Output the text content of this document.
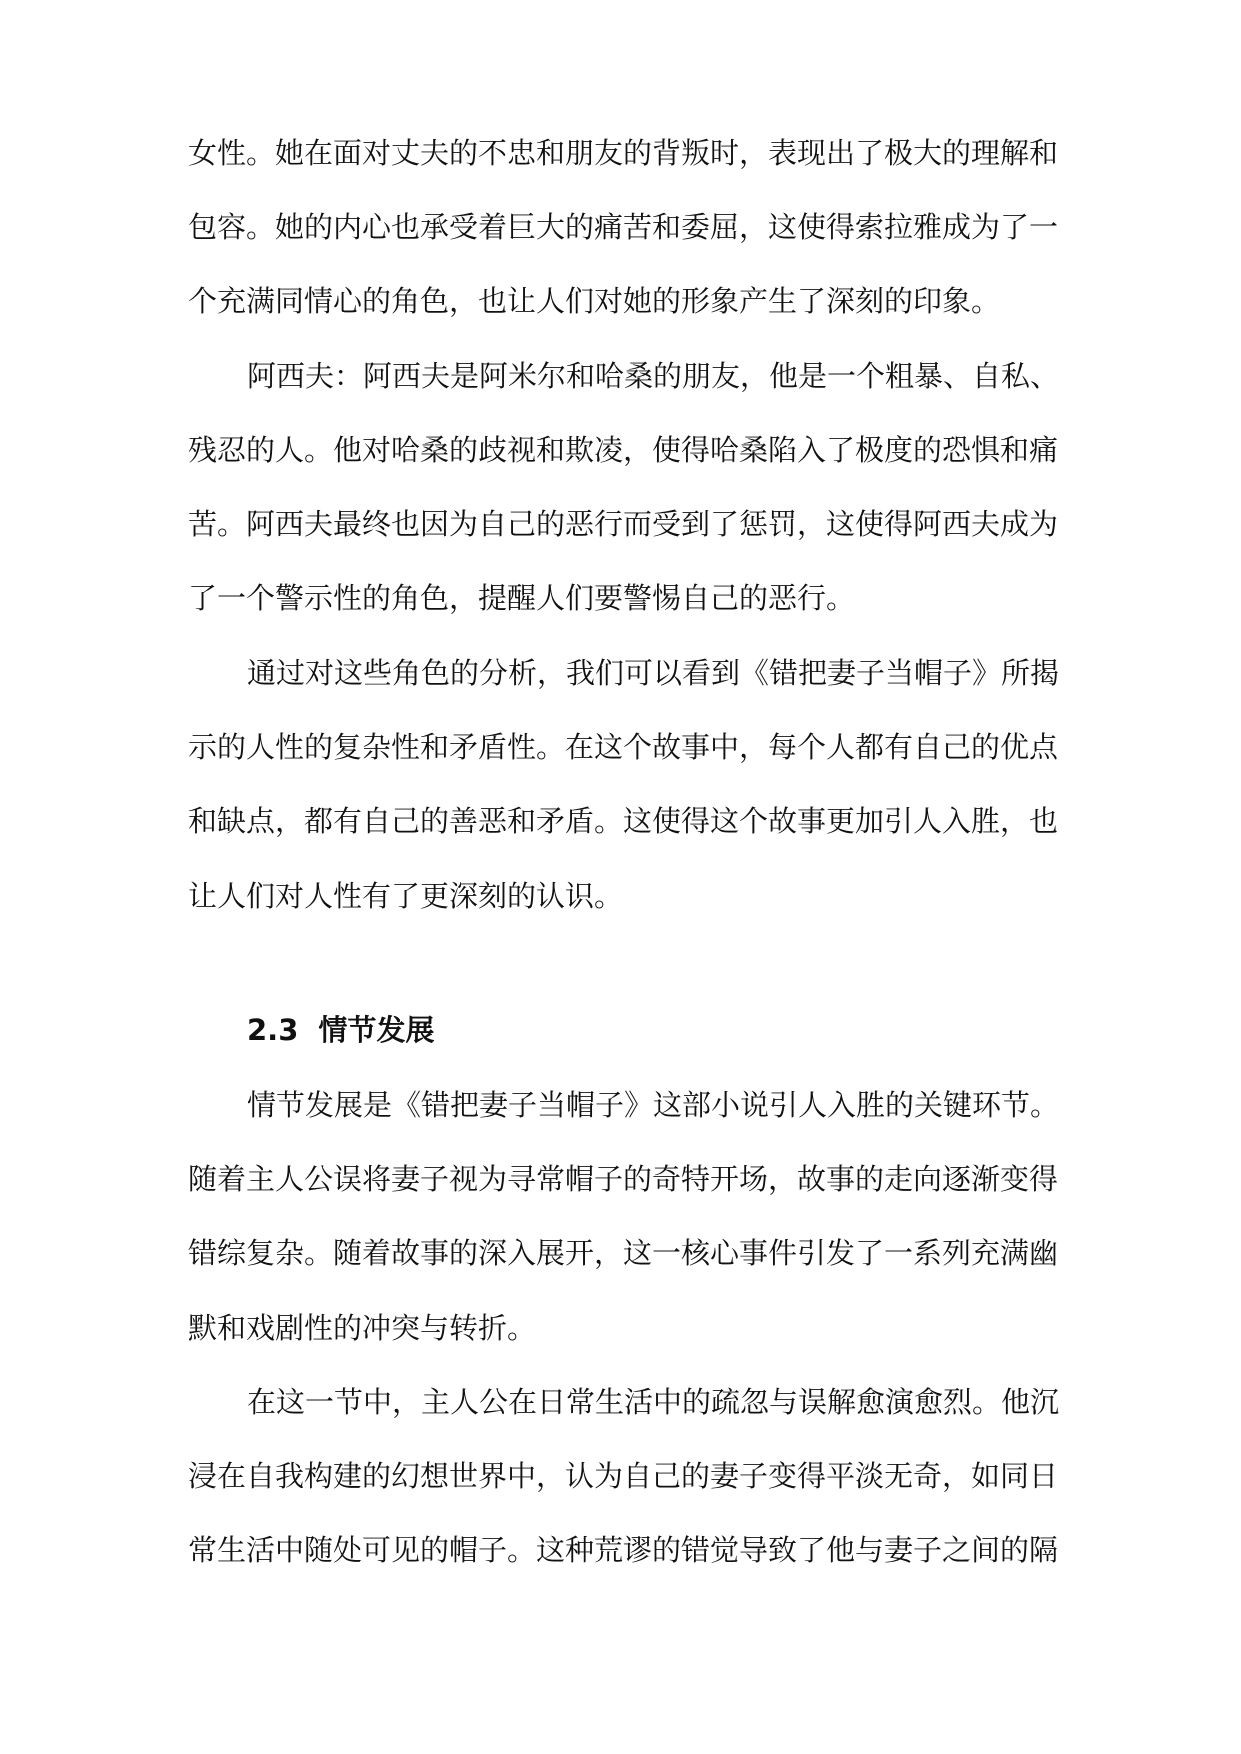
女性。她在面对丈夫的不忠和朋友的背叛时，表现出了极大的理解和
包容。她的内心也承受着巨大的痛苦和委屈，这使得索拉雅成为了一
个充满同情心的角色，也让人们对她的形象产生了深刻的印象。
阿西夫：阿西夫是阿米尔和哈桑的朋友，他是一个粗暴、自私、
残忍的人。他对哈桑的歧视和欺凌，使得哈桑陷入了极度的恐惧和痛
苦。阿西夫最终也因为自己的恶行而受到了惩罚，这使得阿西夫成为
了一个警示性的角色，提醒人们要警惕自己的恶行。
通过对这些角色的分析，我们可以看到《错把妻子当帽子》所揭
示的人性的复杂性和矛盾性。在这个故事中，每个人都有自己的优点
和缺点，都有自己的善恶和矛盾。这使得这个故事更加引人入胜，也
让人们对人性有了更深刻的认识。
2.3 情节发展
情节发展是《错把妻子当帽子》这部小说引人入胜的关键环节。
随着主人公误将妻子视为寻常帽子的奇特开场，故事的走向逐渐变得
错综复杂。随着故事的深入展开，这一核心事件引发了一系列充满幽
默和戏剧性的冲突与转折。
在这一节中，主人公在日常生活中的疏忽与误解愈演愈烈。他沉
浸在自我构建的幻想世界中，认为自己的妻子变得平淡无奇，如同日
常生活中随处可见的帽子。这种荒谬的错觉导致了他与妻子之间的隔
